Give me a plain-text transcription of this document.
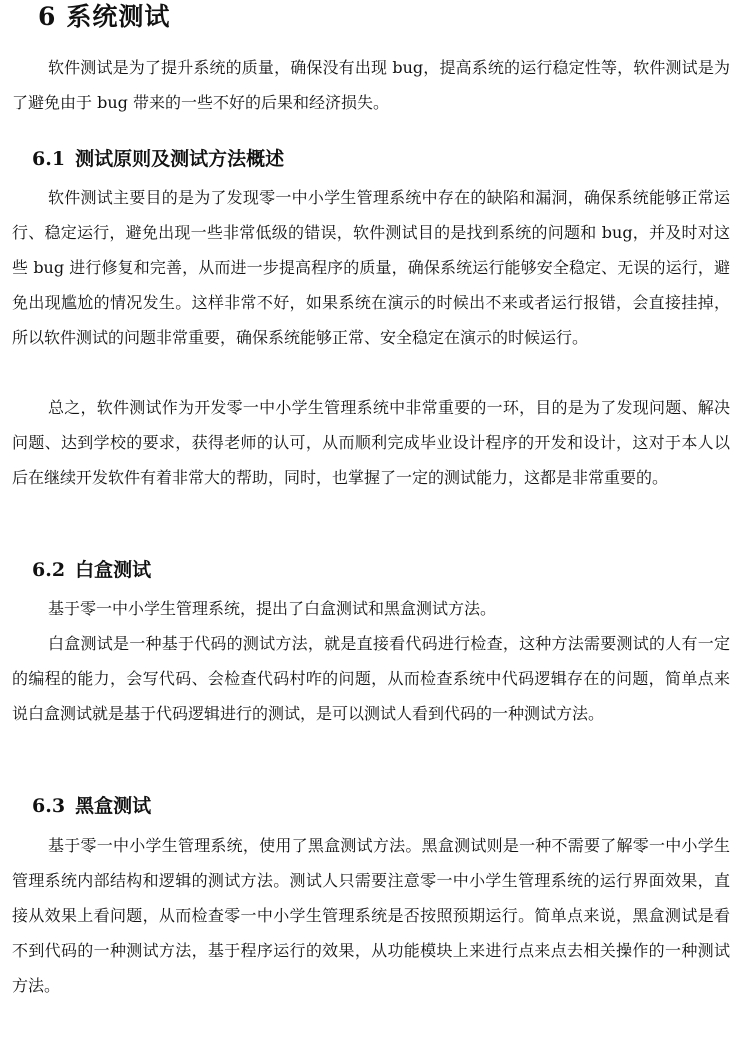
6 系统测试

软件测试是为了提升系统的质量，确保没有出现 bug，提高系统的运行稳定性等，软件测试是为了避免由于 bug 带来的一些不好的后果和经济损失。

6.1 测试原则及测试方法概述

软件测试主要目的是为了发现零一中小学生管理系统中存在的缺陷和漏洞，确保系统能够正常运行、稳定运行，避免出现一些非常低级的错误，软件测试目的是找到系统的问题和 bug，并及时对这些 bug 进行修复和完善，从而进一步提高程序的质量，确保系统运行能够安全稳定、无误的运行，避免出现尴尬的情况发生。这样非常不好，如果系统在演示的时候出不来或者运行报错，会直接挂掉，所以软件测试的问题非常重要，确保系统能够正常、安全稳定在演示的时候运行。

总之，软件测试作为开发零一中小学生管理系统中非常重要的一环，目的是为了发现问题、解决问题、达到学校的要求，获得老师的认可，从而顺利完成毕业设计程序的开发和设计，这对于本人以后在继续开发软件有着非常大的帮助，同时，也掌握了一定的测试能力，这都是非常重要的。

6.2 白盒测试

基于零一中小学生管理系统，提出了白盒测试和黑盒测试方法。

白盒测试是一种基于代码的测试方法，就是直接看代码进行检查，这种方法需要测试的人有一定的编程的能力，会写代码、会检查代码村咋的问题，从而检查系统中代码逻辑存在的问题，简单点来说白盒测试就是基于代码逻辑进行的测试，是可以测试人看到代码的一种测试方法。

6.3 黑盒测试

基于零一中小学生管理系统，使用了黑盒测试方法。黑盒测试则是一种不需要了解零一中小学生管理系统内部结构和逻辑的测试方法。测试人只需要注意零一中小学生管理系统的运行界面效果，直接从效果上看问题，从而检查零一中小学生管理系统是否按照预期运行。简单点来说，黑盒测试是看不到代码的一种测试方法，基于程序运行的效果，从功能模块上来进行点来点去相关操作的一种测试方法。
